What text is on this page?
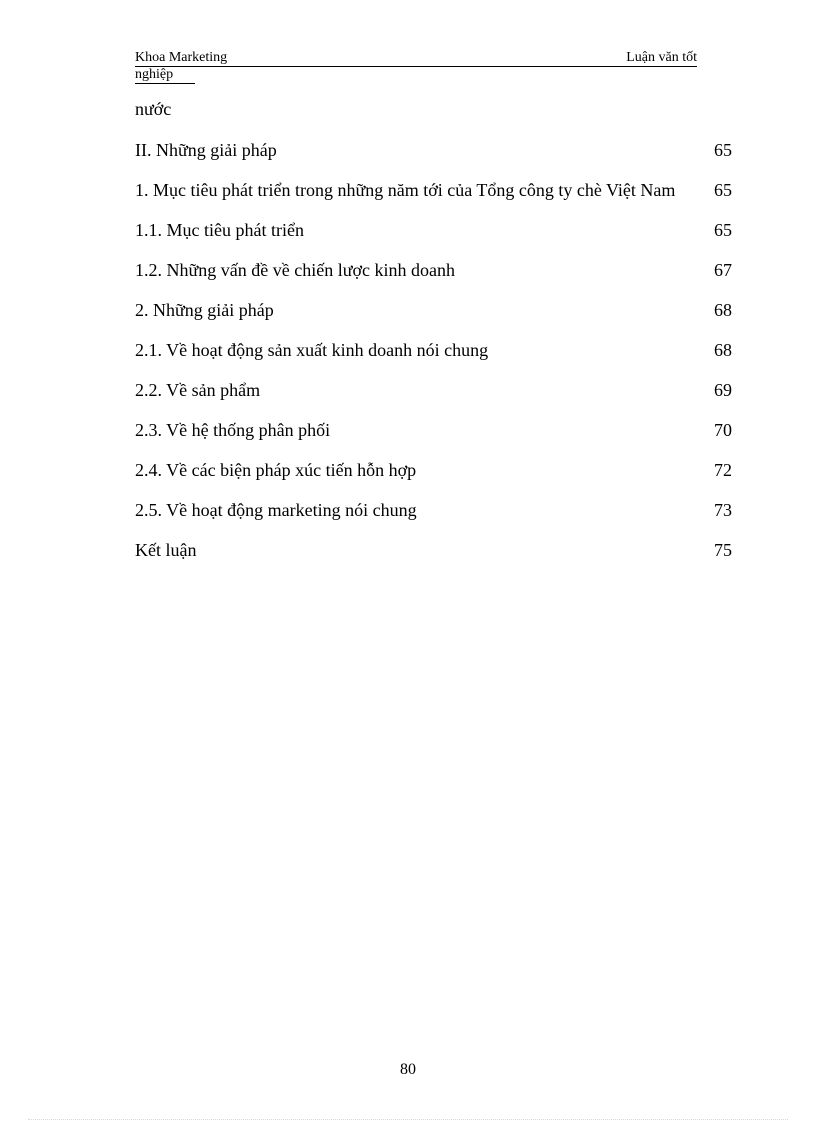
Khoa Marketing	Luận văn tốt
nghiệp
nước
II. Những giải pháp	65
1. Mục tiêu phát triển trong những năm tới của Tổng công ty chè Việt Nam	65
1.1. Mục tiêu phát triển	65
1.2. Những vấn đề về chiến lược kinh doanh	67
2. Những giải pháp	68
2.1. Về hoạt động sản xuất kinh doanh nói chung	68
2.2. Về sản phẩm	69
2.3. Về hệ thống phân phối	70
2.4. Về các biện pháp xúc tiến hỗn hợp	72
2.5. Về hoạt động marketing nói chung	73
Kết luận	75
80
